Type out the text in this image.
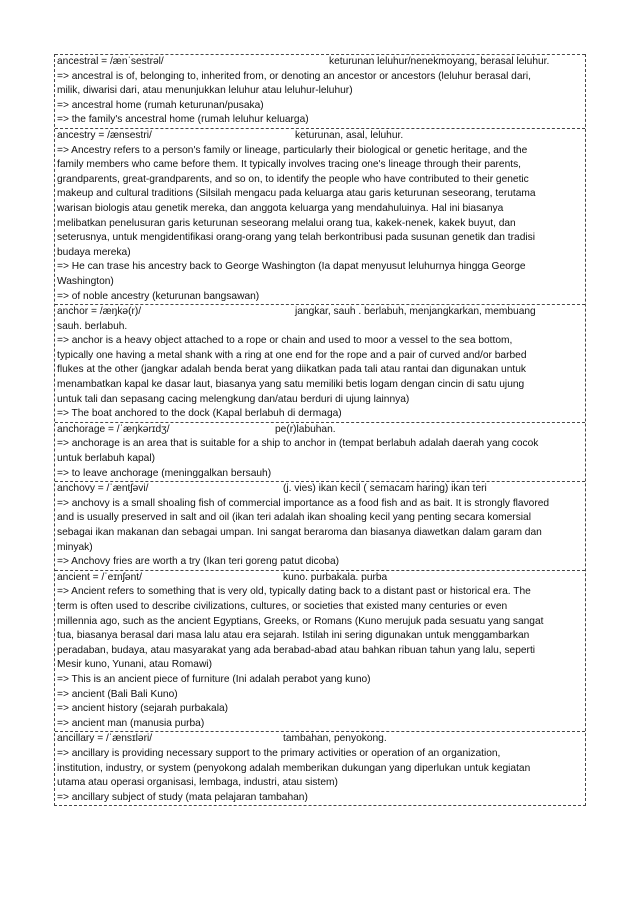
ancestral = /ænˈsestrəl/	keturunan leluhur/nenekmoyang, berasal leluhur.
=> ancestral is of, belonging to, inherited from, or denoting an ancestor or ancestors (leluhur berasal dari,
milik, diwarisi dari, atau menunjukkan leluhur atau leluhur-leluhur)
=> ancestral home (rumah keturunan/pusaka)
=> the family's ancestral home (rumah leluhur keluarga)
ancestry = /ænsestri/	keturunan, asal, leluhur.
=> Ancestry refers to a person's family or lineage, particularly their biological or genetic heritage, and the
family members who came before them. It typically involves tracing one's lineage through their parents,
grandparents, great-grandparents, and so on, to identify the people who have contributed to their genetic
makeup and cultural traditions (Silsilah mengacu pada keluarga atau garis keturunan seseorang, terutama
warisan biologis atau genetik mereka, dan anggota keluarga yang mendahuluinya. Hal ini biasanya
melibatkan penelusuran garis keturunan seseorang melalui orang tua, kakek-nenek, kakek buyut, dan
seterusnya, untuk mengidentifikasi orang-orang yang telah berkontribusi pada susunan genetik dan tradisi
budaya mereka)
=> He can trase his ancestry back to George Washington (Ia dapat menyusut leluhurnya hingga George
Washington)
=> of noble ancestry (keturunan bangsawan)
anchor = /æŋkə(r)/	jangkar, sauh . berlabuh, menjangkarkan, membuang
sauh. berlabuh.
=> anchor is a heavy object attached to a rope or chain and used to moor a vessel to the sea bottom,
typically one having a metal shank with a ring at one end for the rope and a pair of curved and/or barbed
flukes at the other (jangkar adalah benda berat yang diikatkan pada tali atau rantai dan digunakan untuk
menambatkan kapal ke dasar laut, biasanya yang satu memiliki betis logam dengan cincin di satu ujung
untuk tali dan sepasang cacing melengkung dan/atau berduri di ujung lainnya)
=> The boat anchored to the dock (Kapal berlabuh di dermaga)
anchorage = /ˈæŋkərɪdʒ/	pe(r)labuhan.
=> anchorage is an area that is suitable for a ship to anchor in (tempat berlabuh adalah daerah yang cocok
untuk berlabuh kapal)
=> to leave anchorage (meninggalkan bersauh)
anchovy = /ˈæntʃəvi/	(j. vies) ikan kecil ( semacam haring) ikan teri
=> anchovy is a small shoaling fish of commercial importance as a food fish and as bait. It is strongly flavored
and is usually preserved in salt and oil (ikan teri adalah ikan shoaling kecil yang penting secara komersial
sebagai ikan makanan dan sebagai umpan. Ini sangat beraroma dan biasanya diawetkan dalam garam dan
minyak)
=> Anchovy fries are worth a try (Ikan teri goreng patut dicoba)
ancient = /ˈeɪnʃənt/	kuno. purbakala. purba
=> Ancient refers to something that is very old, typically dating back to a distant past or historical era. The
term is often used to describe civilizations, cultures, or societies that existed many centuries or even
millennia ago, such as the ancient Egyptians, Greeks, or Romans (Kuno merujuk pada sesuatu yang sangat
tua, biasanya berasal dari masa lalu atau era sejarah. Istilah ini sering digunakan untuk menggambarkan
peradaban, budaya, atau masyarakat yang ada berabad-abad atau bahkan ribuan tahun yang lalu, seperti
Mesir kuno, Yunani, atau Romawi)
=> This is an ancient piece of furniture (Ini adalah perabot yang kuno)
=> ancient (Bali Bali Kuno)
=> ancient history (sejarah purbakala)
=> ancient man (manusia purba)
ancillary = /ˈænsɪləri/	tambahan, penyokong.
=> ancillary is providing necessary support to the primary activities or operation of an organization,
institution, industry, or system (penyokong adalah memberikan dukungan yang diperlukan untuk kegiatan
utama atau operasi organisasi, lembaga, industri, atau sistem)
=> ancillary subject of study (mata pelajaran tambahan)
